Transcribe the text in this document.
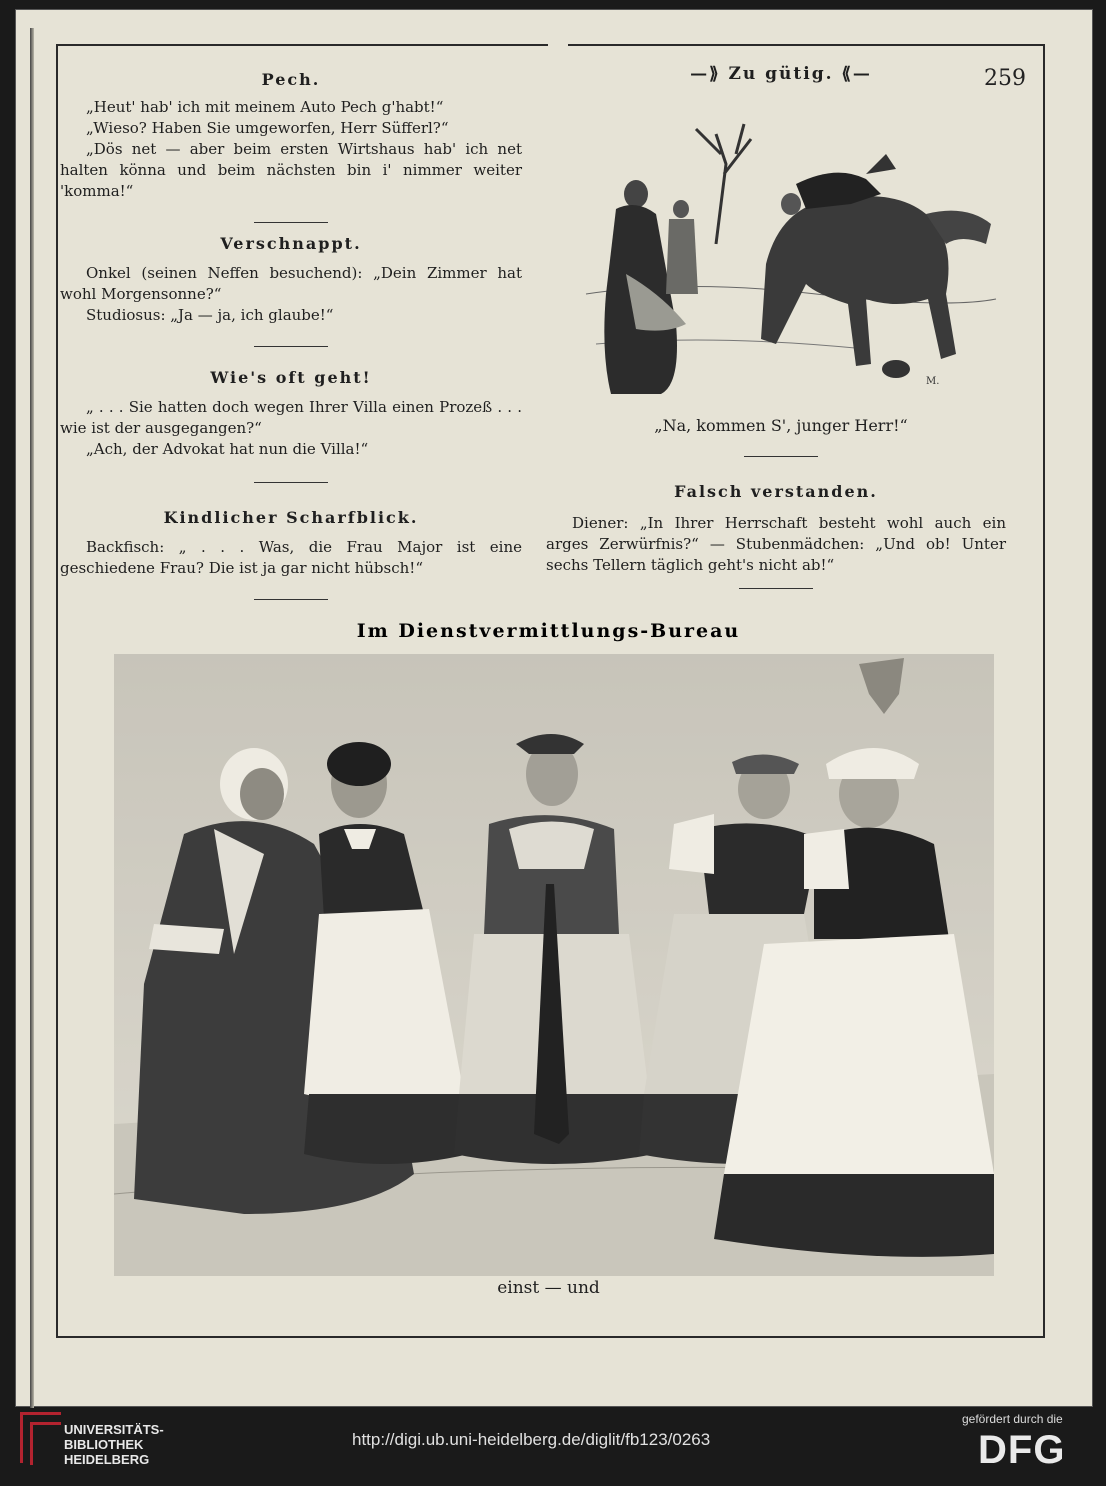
259

Pech.

„Heut' hab' ich mit meinem Auto Pech g'habt!“

„Wieso? Haben Sie umgeworfen, Herr Süfferl?“

„Dös net — aber beim ersten Wirtshaus hab' ich net halten könna und beim nächsten bin i' nimmer weiter 'komma!“

Verschnappt.

Onkel (seinen Neffen besuchend): „Dein Zimmer hat wohl Morgensonne?“

Studiosus: „Ja — ja, ich glaube!“

Wie's oft geht!

„ . . . Sie hatten doch wegen Ihrer Villa einen Prozeß . . . wie ist der ausgegangen?“

„Ach, der Advokat hat nun die Villa!“

Kindlicher Scharfblick.

Backfisch: „ . . . Was, die Frau Major ist eine geschiedene Frau? Die ist ja gar nicht hübsch!“

—⟫ Zu gütig. ⟪—

M.
„Na, kommen S', junger Herr!“

Falsch verstanden.

Diener: „In Ihrer Herrschaft besteht wohl auch ein arges Zerwürfnis?“ — Stubenmädchen: „Und ob! Unter sechs Tellern täglich geht's nicht ab!“

Im Dienstvermittlungs-Bureau
einst — und
UNIVERSITÄTS-
BIBLIOTHEK
HEIDELBERG
http://digi.ub.uni-heidelberg.de/diglit/fb123/0263
gefördert durch die
DFG
